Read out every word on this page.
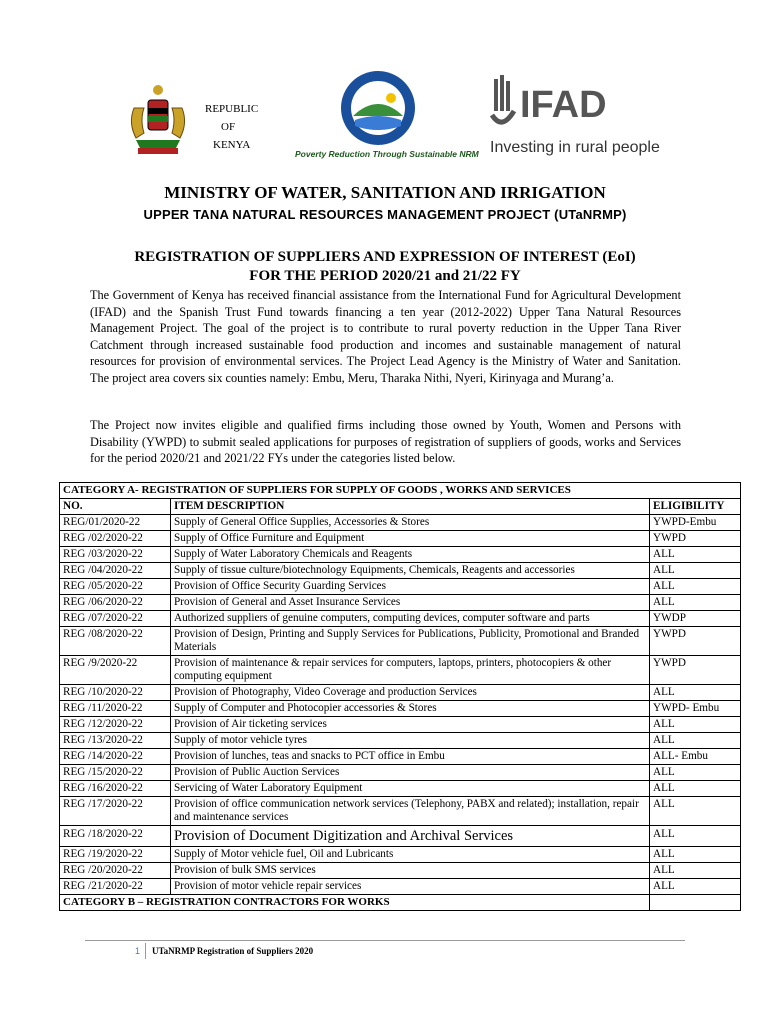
REPUBLIC
OF
KENYA
Poverty Reduction Through Sustainable NRM
IFAD
Investing in rural people
MINISTRY OF WATER, SANITATION AND IRRIGATION
UPPER TANA NATURAL RESOURCES MANAGEMENT PROJECT (UTaNRMP)
REGISTRATION OF SUPPLIERS AND EXPRESSION OF INTEREST (EoI)
FOR THE PERIOD 2020/21 and 21/22 FY
The Government of Kenya has received financial assistance from the International Fund for Agricultural Development (IFAD) and the Spanish Trust Fund towards financing a ten year (2012-2022) Upper Tana Natural Resources Management Project. The goal of the project is to contribute to rural poverty reduction in the Upper Tana River Catchment through increased sustainable food production and incomes and sustainable management of natural resources for provision of environmental services. The Project Lead Agency is the Ministry of Water and Sanitation. The project area covers six counties namely: Embu, Meru, Tharaka Nithi, Nyeri, Kirinyaga and Murang’a.
The Project now invites eligible and qualified firms including those owned by Youth, Women and Persons with Disability (YWPD) to submit sealed applications for purposes of registration of suppliers of goods, works and Services for the period 2020/21 and 2021/22 FYs under the categories listed below.
CATEGORY A- REGISTRATION OF SUPPLIERS FOR SUPPLY OF GOODS , WORKS AND SERVICES		
NO.	ITEM DESCRIPTION	ELIGIBILITY
REG/01/2020-22	Supply of General Office Supplies, Accessories & Stores	YWPD-Embu
REG /02/2020-22	Supply of Office Furniture and Equipment	YWPD
REG /03/2020-22	Supply of Water Laboratory Chemicals and Reagents	ALL
REG /04/2020-22	Supply of tissue culture/biotechnology Equipments, Chemicals, Reagents and accessories	ALL
REG /05/2020-22	Provision of Office Security Guarding Services	ALL
REG /06/2020-22	Provision of General and Asset Insurance Services	ALL
REG /07/2020-22	Authorized suppliers of genuine computers, computing devices, computer software and parts	YWDP
REG /08/2020-22	Provision of Design, Printing and Supply Services for Publications, Publicity, Promotional and Branded Materials	YWPD
REG /9/2020-22	Provision of maintenance & repair services for computers, laptops, printers, photocopiers & other computing equipment	YWPD
REG /10/2020-22	Provision of Photography, Video Coverage and production Services	ALL
REG /11/2020-22	Supply of Computer and Photocopier accessories & Stores	YWPD- Embu
REG /12/2020-22	Provision of Air ticketing services	ALL
REG /13/2020-22	Supply of motor vehicle tyres	ALL
REG /14/2020-22	Provision of lunches, teas and snacks to PCT office in Embu	ALL- Embu
REG /15/2020-22	Provision of Public Auction Services	ALL
REG /16/2020-22	Servicing of Water Laboratory Equipment	ALL
REG /17/2020-22	Provision of office communication network services (Telephony, PABX and related); installation, repair and maintenance services	ALL
REG /18/2020-22	Provision of Document Digitization and Archival Services	ALL
REG /19/2020-22	Supply of Motor vehicle fuel, Oil and Lubricants	ALL
REG /20/2020-22	Provision of bulk SMS services	ALL
REG /21/2020-22	Provision of motor vehicle repair services	ALL
CATEGORY B – REGISTRATION CONTRACTORS FOR WORKS		
1 UTaNRMP Registration of Suppliers 2020
